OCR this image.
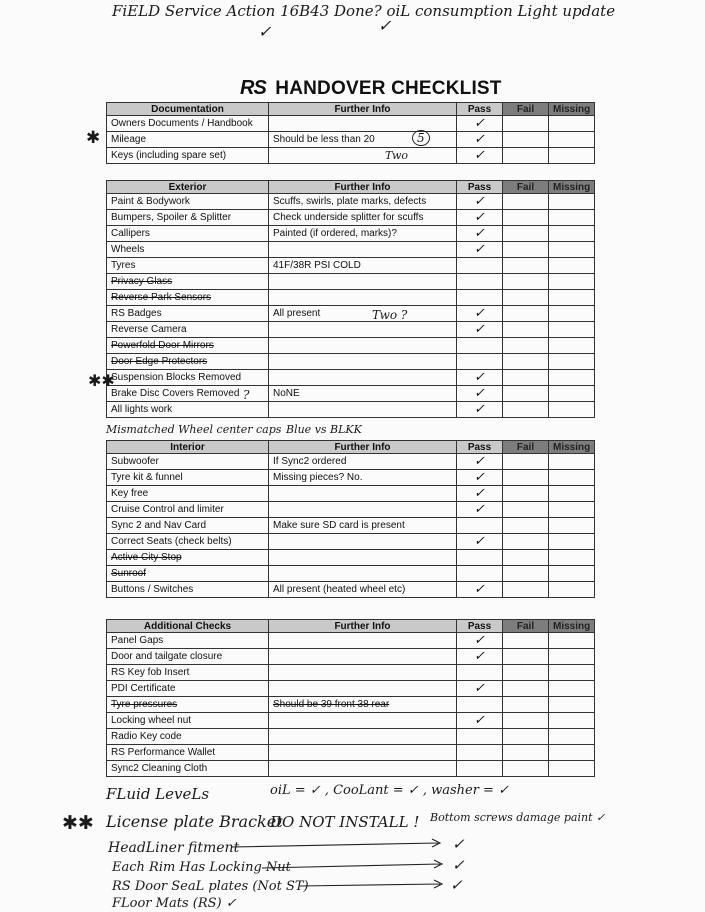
FiELD Service Action 16B43 Done? oiL consumption Light update
✓	✓
RS HANDOVER CHECKLIST
Documentation	Further Info	Pass	Fail	Missing
Owners Documents / Handbook		✓		
Mileage	Should be less than 20	✓		
Keys (including spare set)		✓		
Exterior	Further Info	Pass	Fail	Missing
Paint & Bodywork	Scuffs, swirls, plate marks, defects	✓		
Bumpers, Spoiler & Splitter	Check underside splitter for scuffs	✓		
Callipers	Painted (if ordered, marks)?	✓		
Wheels		✓		
Tyres	41F/38R PSI COLD			
Privacy Glass				
Reverse Park Sensors				
RS Badges	All present	✓		
Reverse Camera		✓		
Powerfold Door Mirrors				
Door Edge Protectors				
Suspension Blocks Removed		✓		
Brake Disc Covers Removed	NoNE	✓		
All lights work		✓		
Interior	Further Info	Pass	Fail	Missing
Subwoofer	If Sync2 ordered	✓		
Tyre kit & funnel	Missing pieces? No.	✓		
Key free		✓		
Cruise Control and limiter		✓		
Sync 2 and Nav Card	Make sure SD card is present			
Correct Seats (check belts)		✓		
Active City Stop				
Sunroof				
Buttons / Switches	All present (heated wheel etc)	✓		
Additional Checks	Further Info	Pass	Fail	Missing
Panel Gaps		✓		
Door and tailgate closure		✓		
RS Key fob Insert				
PDI Certificate		✓		
Tyre pressures	Should be 39 front 38 rear			
Locking wheel nut		✓		
Radio Key code				
RS Performance Wallet				
Sync2 Cleaning Cloth				
✱	5
Two
Two ?
?
✱✱
Mismatched Wheel center caps Blue vs BLKK
FLuid LeveLs	oiL = ✓ , CooLant = ✓ , washer = ✓
✱✱ License plate Bracket
DO NOT INSTALL ! Bottom screws damage paint ✓
HeadLiner fitment
Each Rim Has Locking Nut
RS Door SeaL plates (Not ST)
FLoor Mats (RS) ✓
✓
✓
✓
